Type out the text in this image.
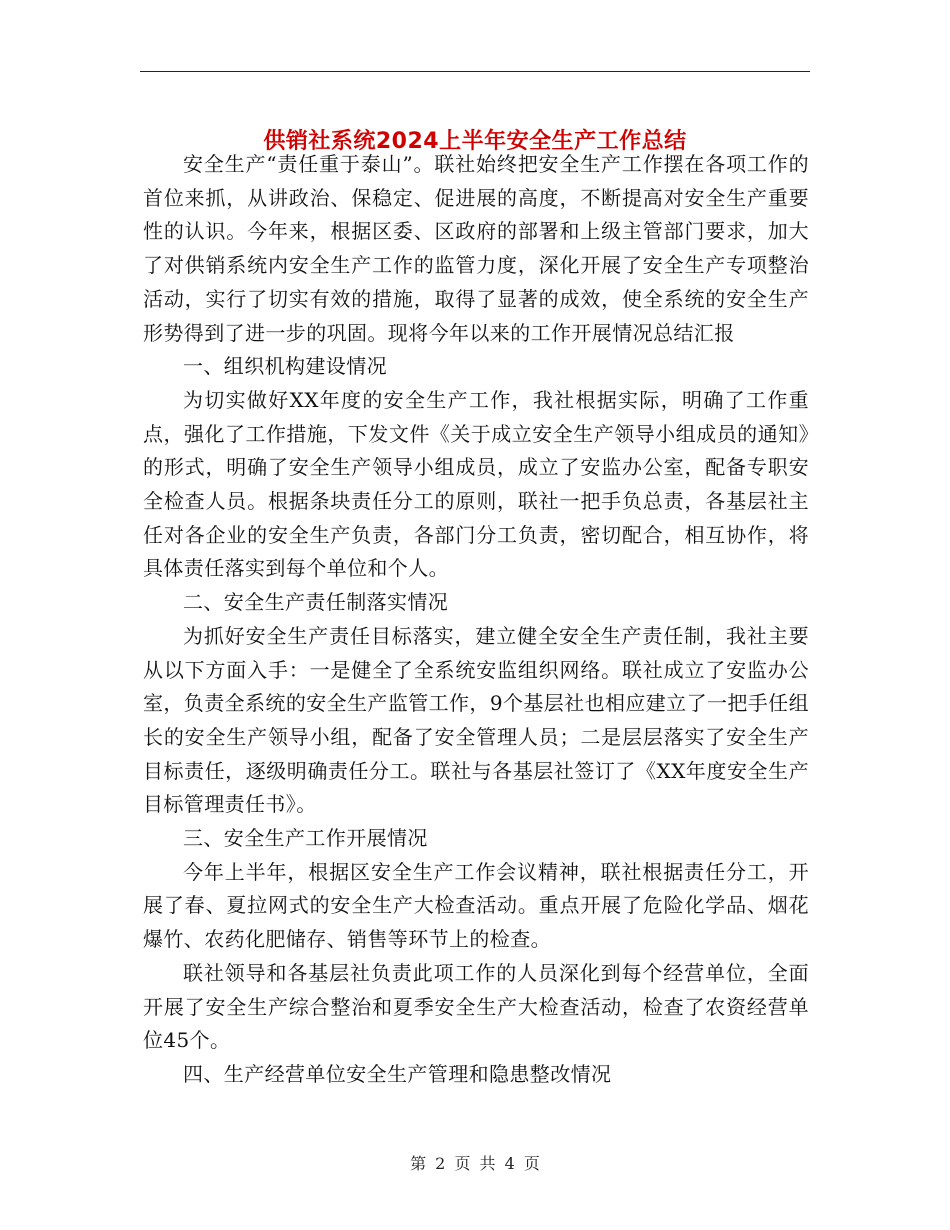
供销社系统2024上半年安全生产工作总结

安全生产“责任重于泰山”。联社始终把安全生产工作摆在各项工作的首位来抓，从讲政治、保稳定、促进展的高度，不断提高对安全生产重要性的认识。今年来，根据区委、区政府的部署和上级主管部门要求，加大了对供销系统内安全生产工作的监管力度，深化开展了安全生产专项整治活动，实行了切实有效的措施，取得了显著的成效，使全系统的安全生产形势得到了进一步的巩固。现将今年以来的工作开展情况总结汇报

一、组织机构建设情况

为切实做好XX年度的安全生产工作，我社根据实际，明确了工作重点，强化了工作措施，下发文件《关于成立安全生产领导小组成员的通知》的形式，明确了安全生产领导小组成员，成立了安监办公室，配备专职安全检查人员。根据条块责任分工的原则，联社一把手负总责，各基层社主任对各企业的安全生产负责，各部门分工负责，密切配合，相互协作，将具体责任落实到每个单位和个人。

二、安全生产责任制落实情况

为抓好安全生产责任目标落实，建立健全安全生产责任制，我社主要从以下方面入手：一是健全了全系统安监组织网络。联社成立了安监办公室，负责全系统的安全生产监管工作，9个基层社也相应建立了一把手任组长的安全生产领导小组，配备了安全管理人员；二是层层落实了安全生产目标责任，逐级明确责任分工。联社与各基层社签订了《XX年度安全生产目标管理责任书》。

三、安全生产工作开展情况

今年上半年，根据区安全生产工作会议精神，联社根据责任分工，开展了春、夏拉网式的安全生产大检查活动。重点开展了危险化学品、烟花爆竹、农药化肥储存、销售等环节上的检查。

联社领导和各基层社负责此项工作的人员深化到每个经营单位，全面开展了安全生产综合整治和夏季安全生产大检查活动，检查了农资经营单位45个。

四、生产经营单位安全生产管理和隐患整改情况

第 2 页 共 4 页
